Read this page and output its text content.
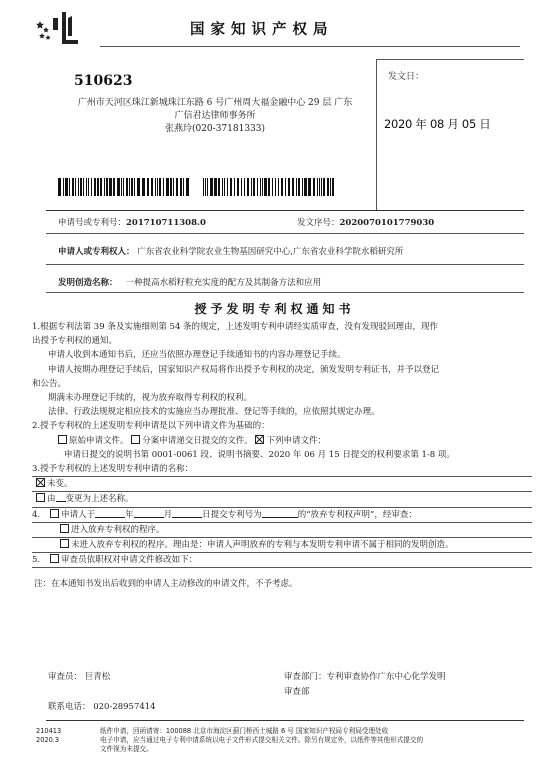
国家知识产权局
510623
广州市天河区珠江新城珠江东路 6 号广州周大福金融中心 29 层 广东
广信君达律师事务所
张燕玲(020-37181333)
发文日：
2020 年 08 月 05 日
申请号或专利号：201710711308.0	发文序号：2020070101779030
申请人或专利权人： 广东省农业科学院农业生物基因研究中心,广东省农业科学院水稻研究所
发明创造名称： 一种提高水稻籽粒充实度的配方及其制备方法和应用
授予发明专利权通知书

1.根据专利法第 39 条及实施细则第 54 条的规定，上述发明专利申请经实质审查，没有发现驳回理由，现作

出授予专利权的通知。

申请人收到本通知书后，还应当依照办理登记手续通知书的内容办理登记手续。

申请人按期办理登记手续后，国家知识产权局将作出授予专利权的决定，颁发发明专利证书，并予以登记

和公告。

期满未办理登记手续的，视为放弃取得专利权的权利。

法律、行政法规规定相应技术的实施应当办理批准、登记等手续的，应依照其规定办理。

2.授予专利权的上述发明专利申请是以下列申请文件为基础的：

原始申请文件。 分案申请递交日提交的文件。 下列申请文件：

申请日提交的说明书第 0001-0061 段、说明书摘要、2020 年 06 月 15 日提交的权利要求第 1-8 项。

3.授予专利权的上述发明专利申请的名称：

未变。

由 变更为上述名称。

4. 申请人于	年	月	日提交专利号为	的“放弃专利权声明”，经审查：

进入放弃专利权的程序。

未进入放弃专利权的程序。理由是：申请人声明放弃的专利与本发明专利申请不属于相同的发明创造。

5. 审查员依职权对申请文件修改如下：

注：在本通知书发出后收到的申请人主动修改的申请文件，不予考虑。
审查员： 巨青松	审查部门：专利审查协作广东中心化学发明
审查部
联系电话： 020-28957414
210413
2020.3
纸件申请，回函请寄：100088 北京市海淀区蓟门桥西土城路 6 号 国家知识产权局专利局受理处收
电子申请，应当通过电子专利申请系统以电子文件形式提交相关文件。除另有规定外，以纸件等其他形式提交的
文件视为未提交。
